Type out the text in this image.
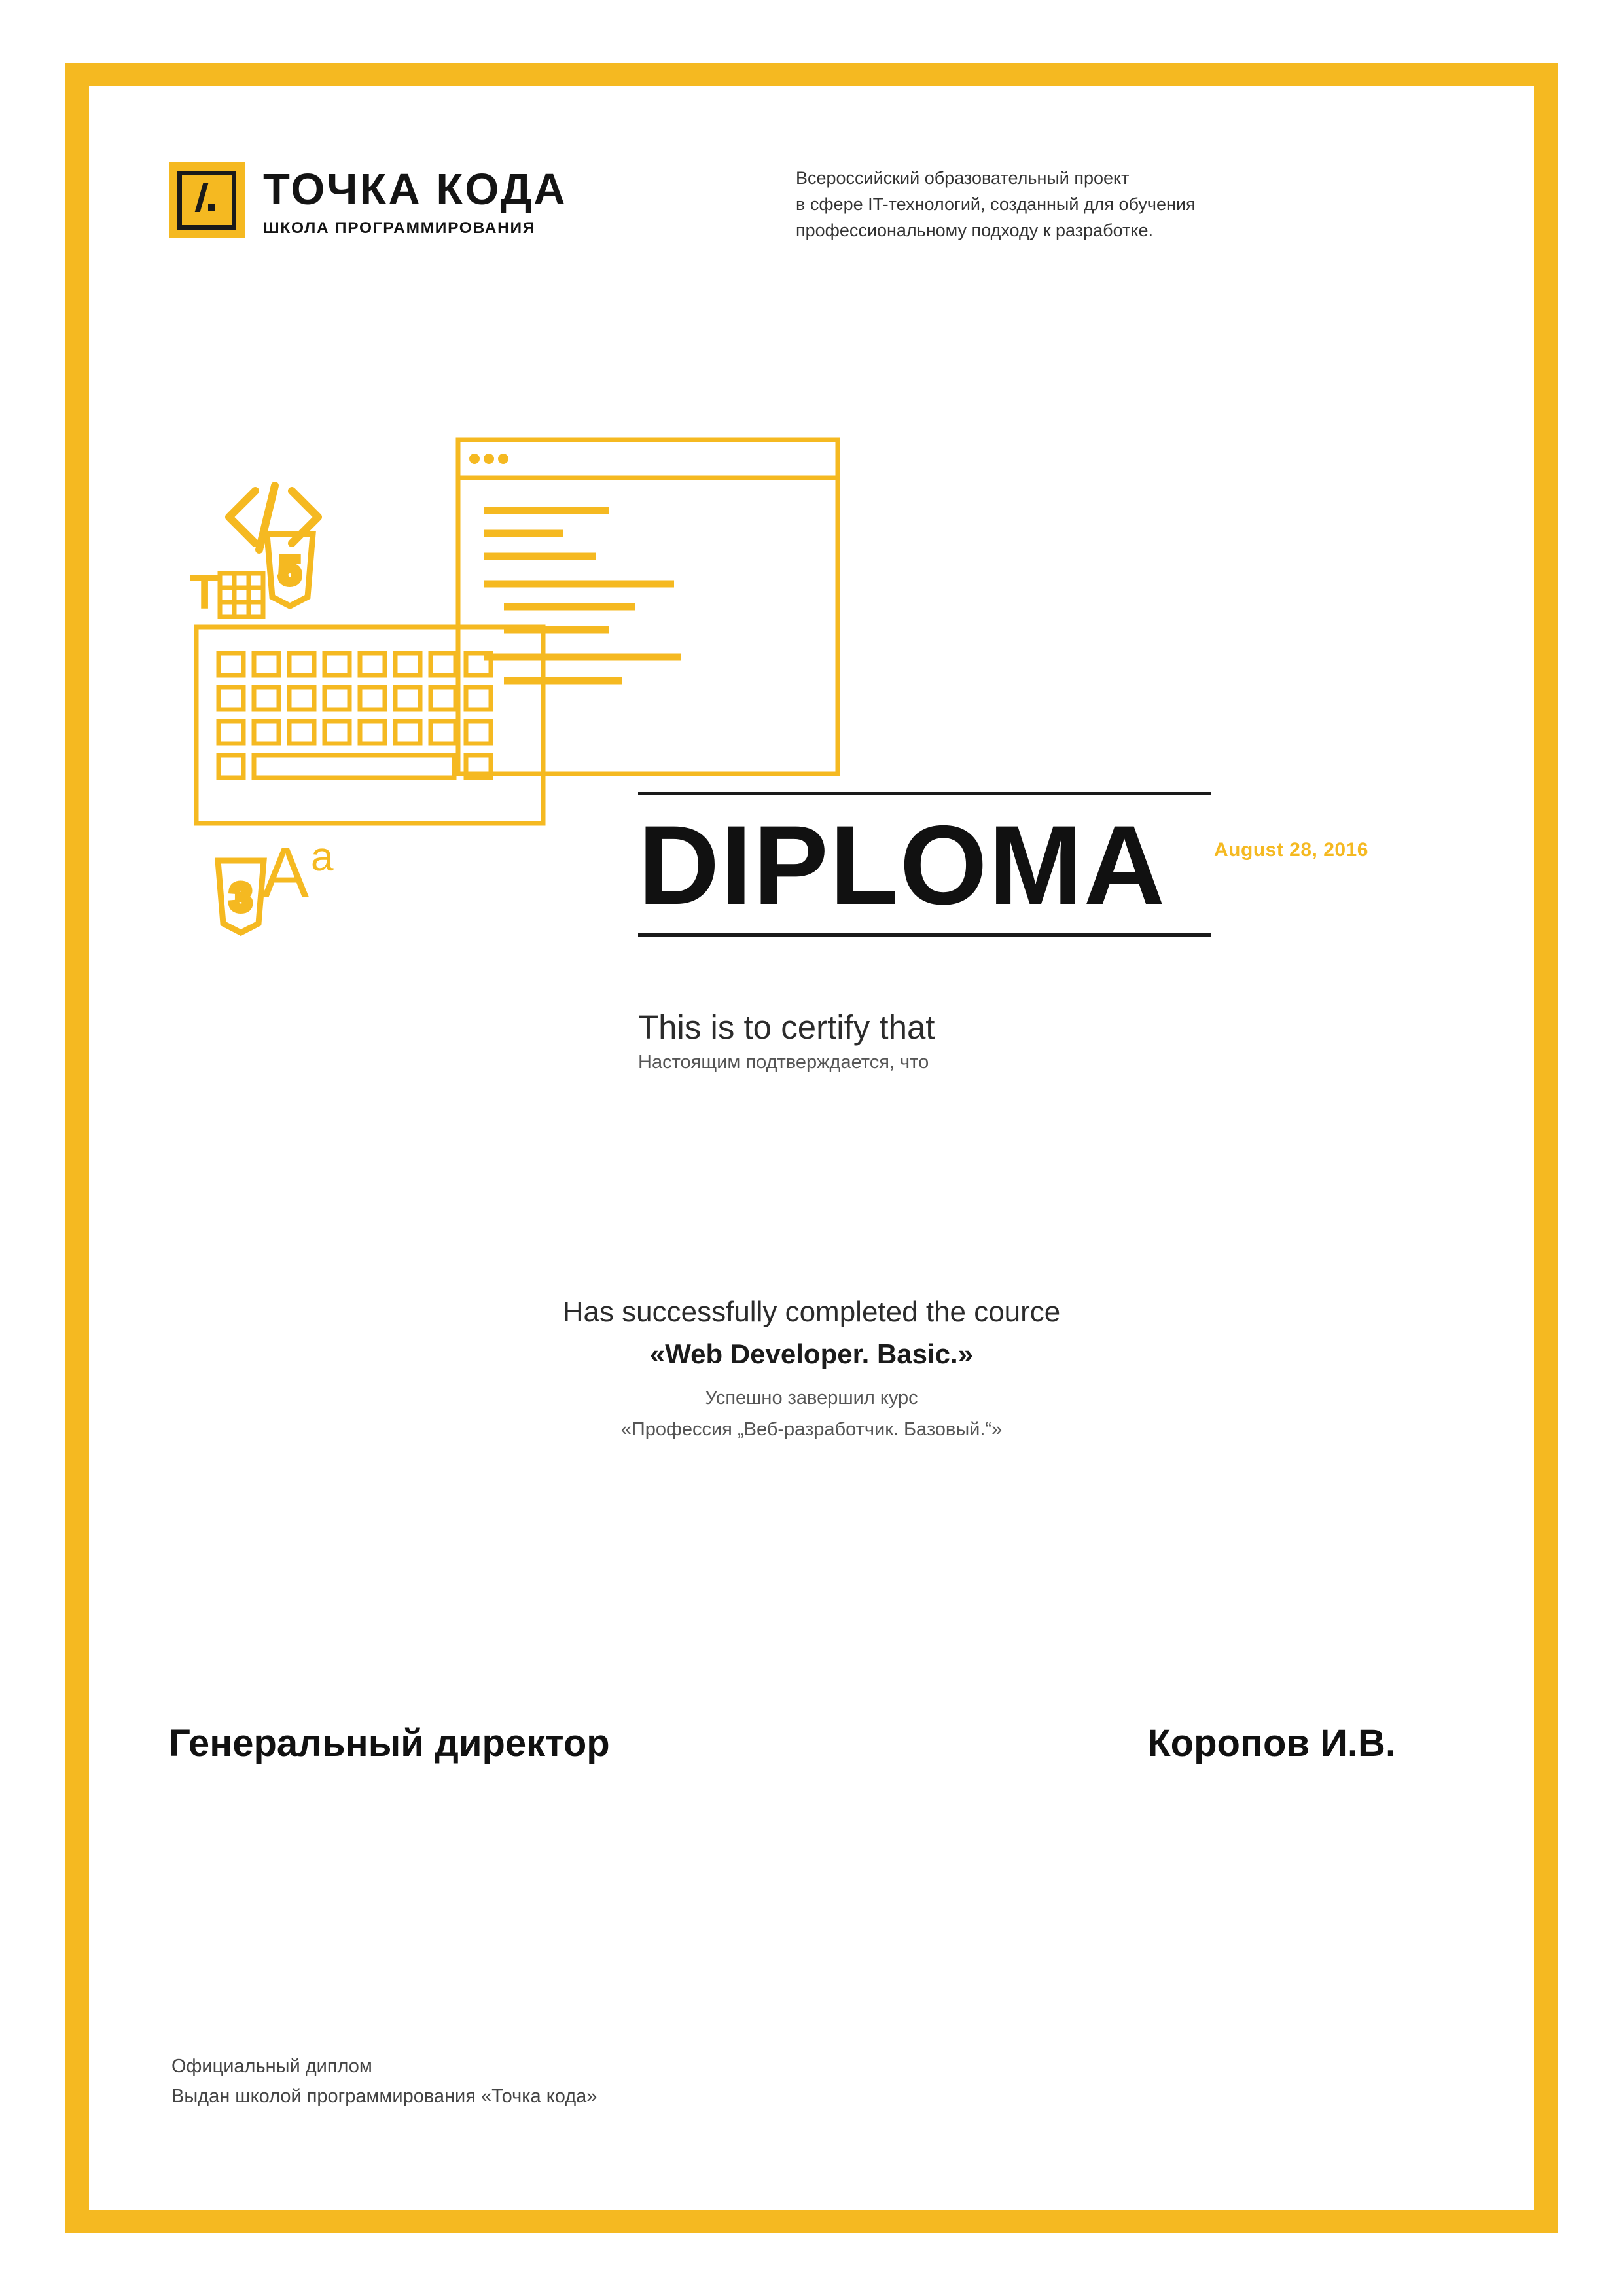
ТОЧКА КОДА
ШКОЛА ПРОГРАММИРОВАНИЯ
Всероссийский образовательный проект
в сфере IT-технологий, созданный для обучения
профессиональному подходу к разработке.
5
3
T
A a	DIPLOMA	August 28, 2016
This is to certify that
Настоящим подтверждается, что
Has successfully completed the cource
«Web Developer. Basic.»
Успешно завершил курс
«Профессия „Веб-разработчик. Базовый.“»
Генеральный директор	Коропов И.В.
Официальный диплом
Выдан школой программирования «Точка кода»
